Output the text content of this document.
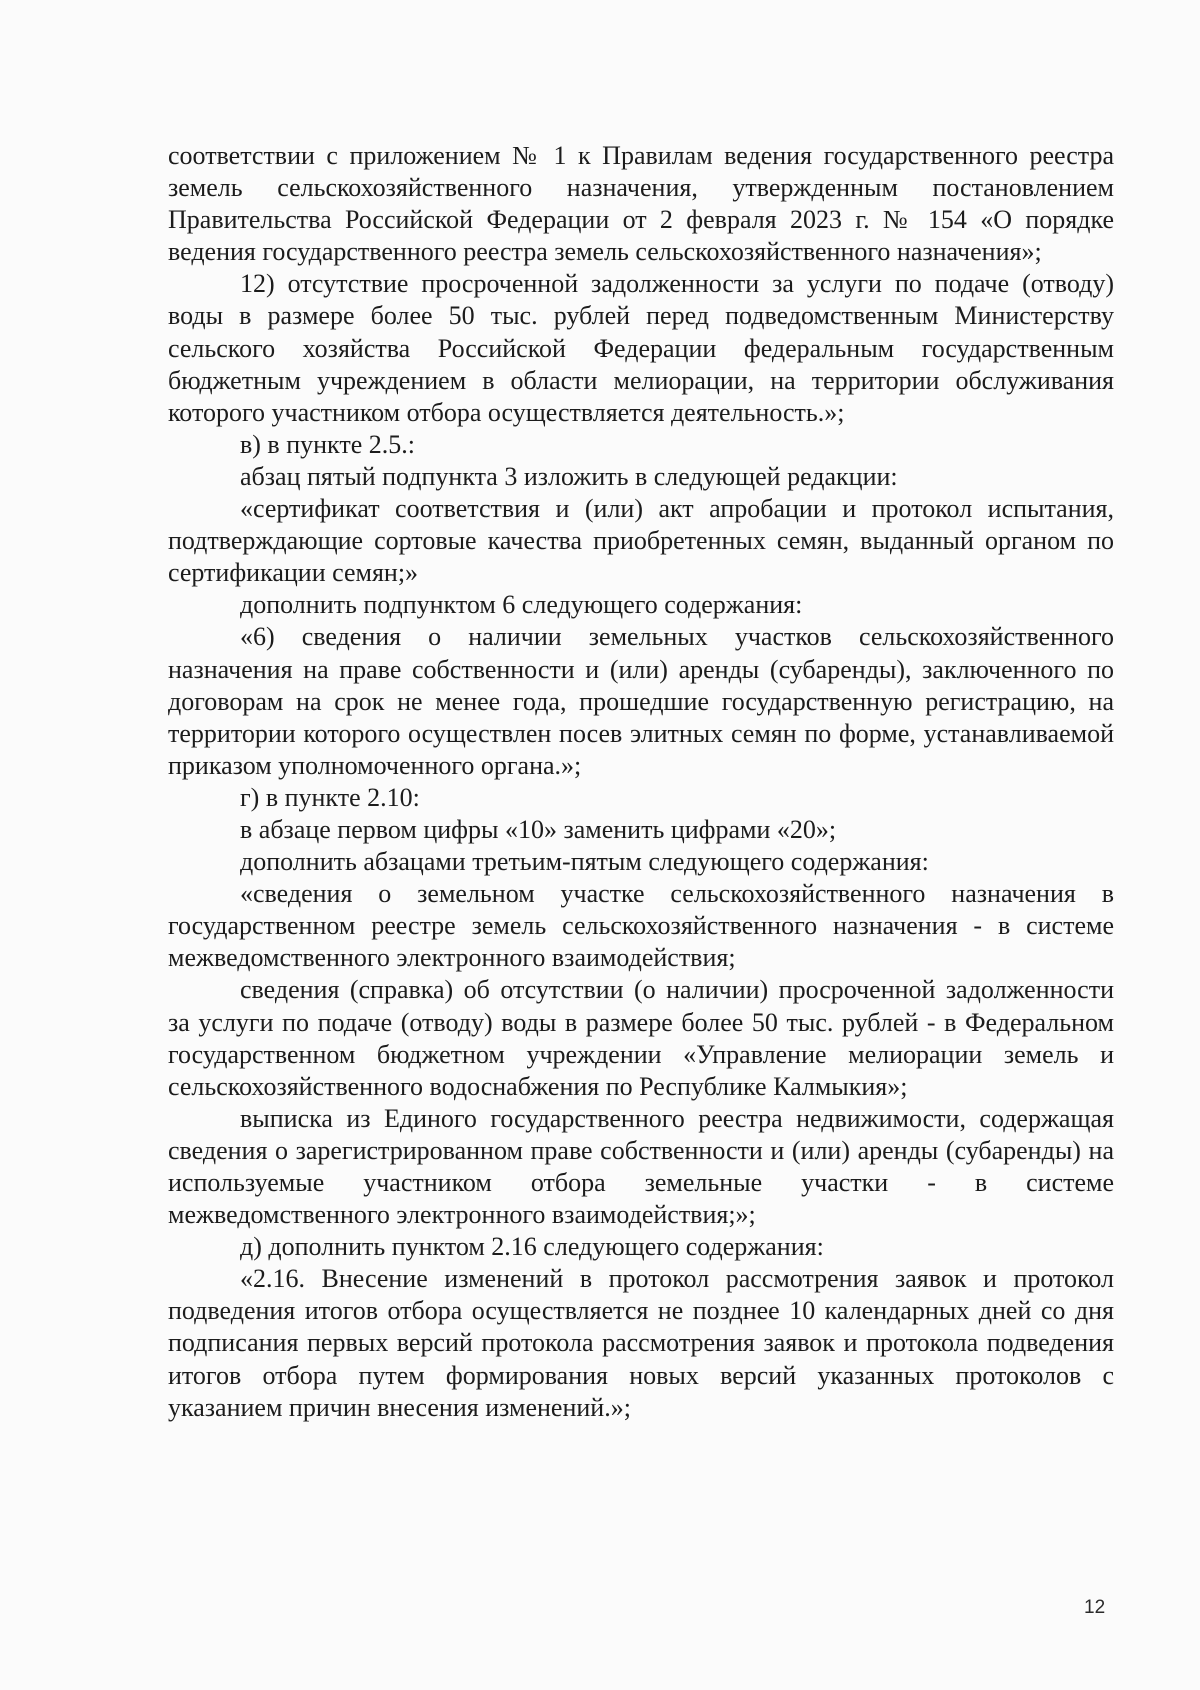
соответствии с приложением № 1 к Правилам ведения государственного реестра земель сельскохозяйственного назначения, утвержденным постановлением Правительства Российской Федерации от 2 февраля 2023 г. № 154 «О порядке ведения государственного реестра земель сельскохозяйственного назначения»;

12) отсутствие просроченной задолженности за услуги по подаче (отводу) воды в размере более 50 тыс. рублей перед подведомственным Министерству сельского хозяйства Российской Федерации федеральным государственным бюджетным учреждением в области мелиорации, на территории обслуживания которого участником отбора осуществляется деятельность.»;

в) в пункте 2.5.:

абзац пятый подпункта 3 изложить в следующей редакции:

«сертификат соответствия и (или) акт апробации и протокол испытания, подтверждающие сортовые качества приобретенных семян, выданный органом по сертификации семян;»

дополнить подпунктом 6 следующего содержания:

«6) сведения о наличии земельных участков сельскохозяйственного назначения на праве собственности и (или) аренды (субаренды), заключенного по договорам на срок не менее года, прошедшие государственную регистрацию, на территории которого осуществлен посев элитных семян по форме, устанавливаемой приказом уполномоченного органа.»;

г) в пункте 2.10:

в абзаце первом цифры «10» заменить цифрами «20»;

дополнить абзацами третьим-пятым следующего содержания:

«сведения о земельном участке сельскохозяйственного назначения в государственном реестре земель сельскохозяйственного назначения - в системе межведомственного электронного взаимодействия;

сведения (справка) об отсутствии (о наличии) просроченной задолженности за услуги по подаче (отводу) воды в размере более 50 тыс. рублей - в Федеральном государственном бюджетном учреждении «Управление мелиорации земель и сельскохозяйственного водоснабжения по Республике Калмыкия»;

выписка из Единого государственного реестра недвижимости, содержащая сведения о зарегистрированном праве собственности и (или) аренды (субаренды) на используемые участником отбора земельные участки - в системе межведомственного электронного взаимодействия;»;

д) дополнить пунктом 2.16 следующего содержания:

«2.16. Внесение изменений в протокол рассмотрения заявок и протокол подведения итогов отбора осуществляется не позднее 10 календарных дней со дня подписания первых версий протокола рассмотрения заявок и протокола подведения итогов отбора путем формирования новых версий указанных протоколов с указанием причин внесения изменений.»;

12
